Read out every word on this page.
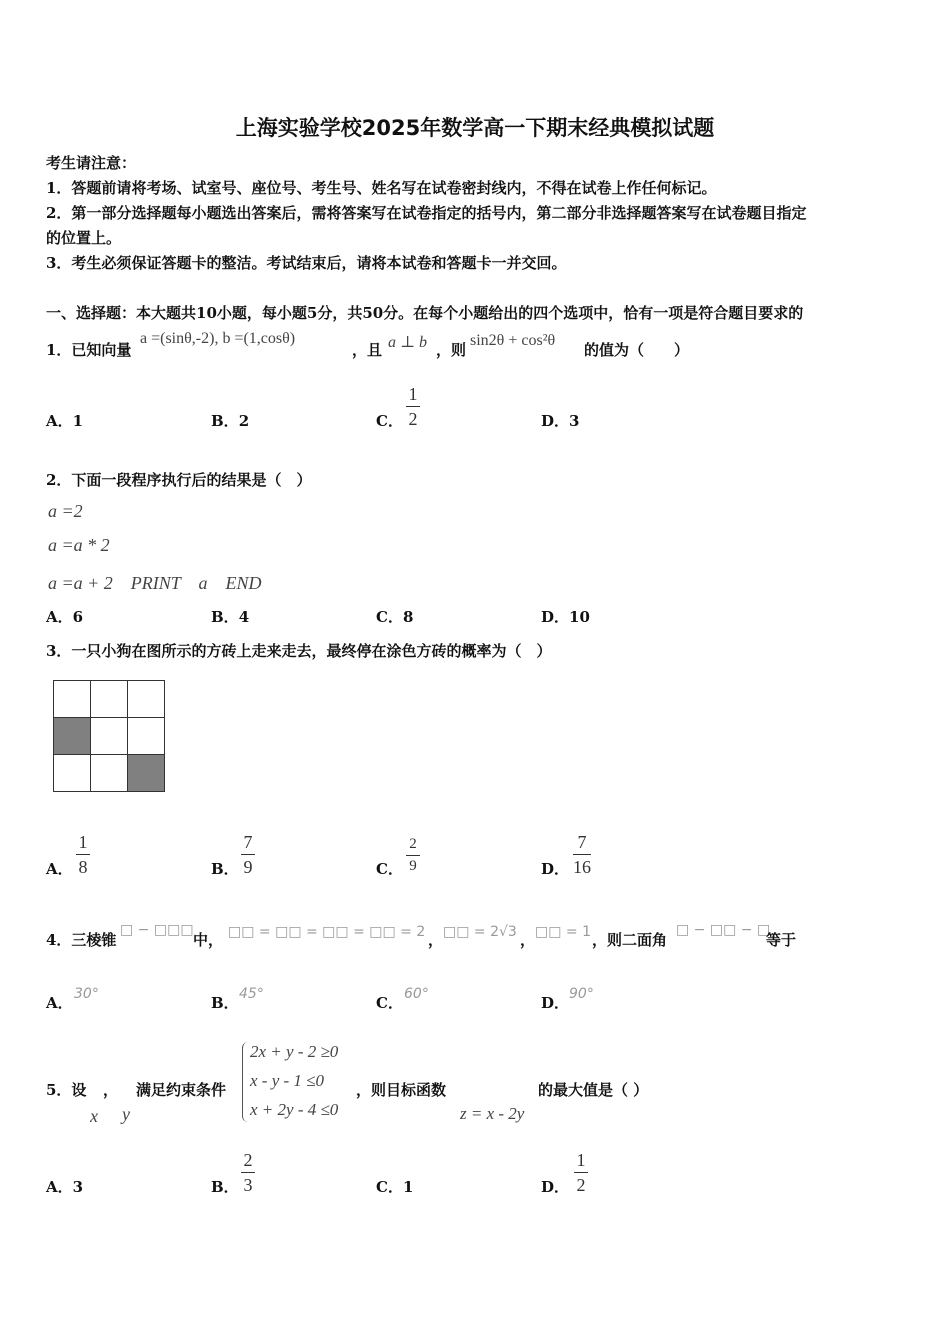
上海实验学校2025年数学高一下期末经典模拟试题
考生请注意：
1．答题前请将考场、试室号、座位号、考生号、姓名写在试卷密封线内，不得在试卷上作任何标记。
2．第一部分选择题每小题选出答案后，需将答案写在试卷指定的括号内，第二部分非选择题答案写在试卷题目指定
的位置上。
3．考生必须保证答题卡的整洁。考试结束后，请将本试卷和答题卡一并交回。
一、选择题：本大题共10小题，每小题5分，共50分。在每个小题给出的四个选项中，恰有一项是符合题目要求的
1．已知向量
a =(sinθ,-2), b =(1,cosθ)
，且 a ⊥ b ，则
sin2θ + cos²θ
的值为（　　）
A．1	B．2	C．
1
2	D．3
2．下面一段程序执行后的结果是（　）
a =2
a =a * 2
a =a + 2　PRINT　a　END
A．6	B．4	C．8	D．10
3．一只小狗在图所示的方砖上走来走去，最终停在涂色方砖的概率为（　）

A．
1
8	B．
7
9	C．
2
9	D．
7
16
4．三棱锥
□ − □□□
中， □□ = □□ = □□ = □□ = 2 ， □□ = 2√3 ， □□ = 1 ，则二面角
□ − □□ − □
等于
A． 30°	B． 45°	C． 60°	D． 90°
5．设 ， 满足约束条件
x y
2x + y - 2 ≥0
x - y - 1 ≤0
x + 2y - 4 ≤0
，则目标函数
z = x - 2y
的最大值是（ ）
A．3	B．
2
3	C．1	D．
1
2
